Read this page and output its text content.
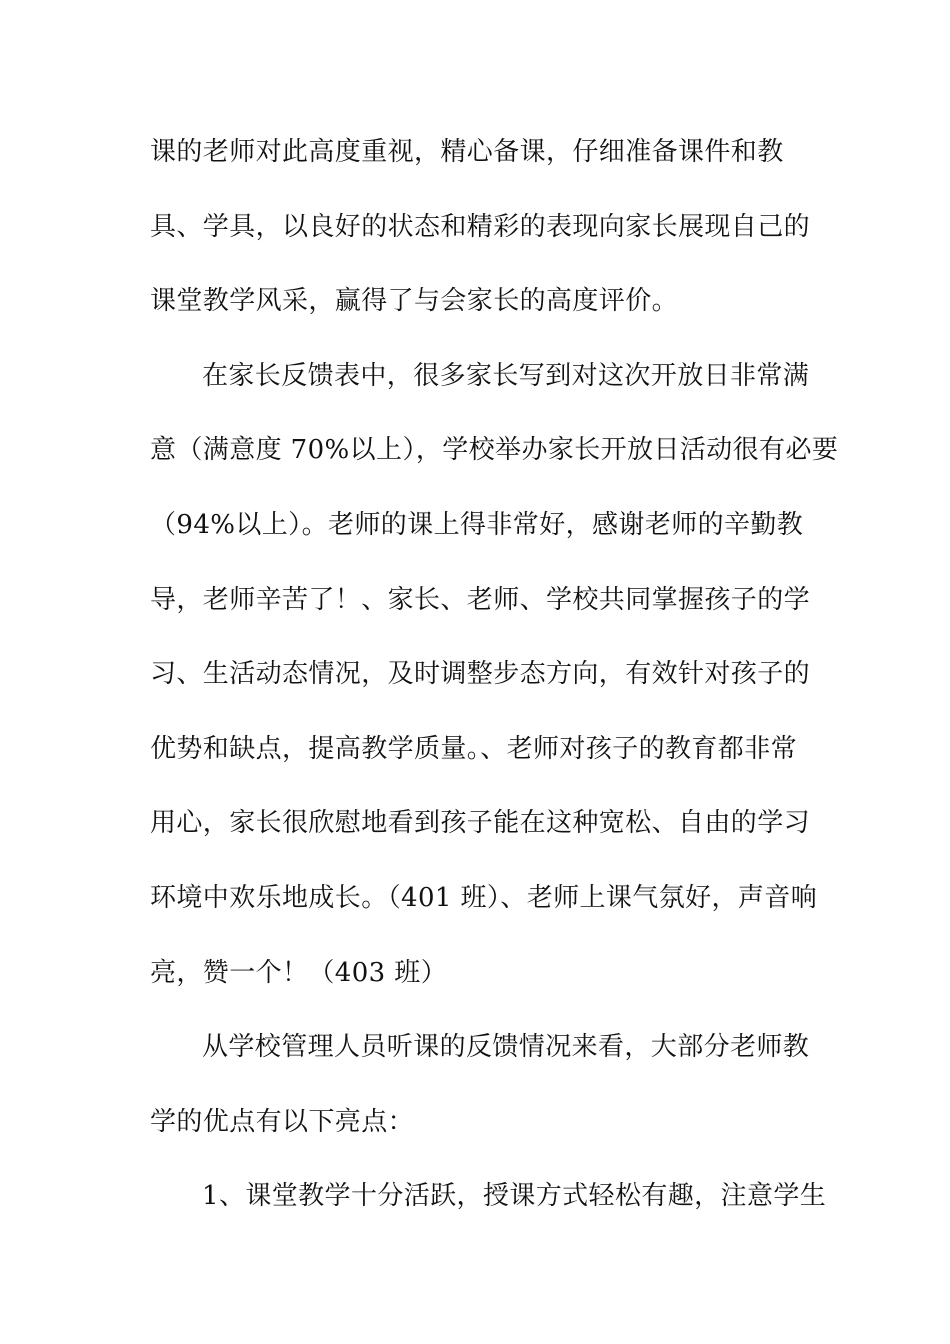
课的老师对此高度重视，精心备课，仔细准备课件和教
具、学具，以良好的状态和精彩的表现向家长展现自己的
课堂教学风采，赢得了与会家长的高度评价。
在家长反馈表中，很多家长写到对这次开放日非常满
意（满意度 70%以上），学校举办家长开放日活动很有必要
（94%以上）。老师的课上得非常好，感谢老师的辛勤教
导，老师辛苦了！、家长、老师、学校共同掌握孩子的学
习、生活动态情况，及时调整步态方向，有效针对孩子的
优势和缺点，提高教学质量。、老师对孩子的教育都非常
用心，家长很欣慰地看到孩子能在这种宽松、自由的学习
环境中欢乐地成长。（401 班）、老师上课气氛好，声音响
亮，赞一个！（403 班）
从学校管理人员听课的反馈情况来看，大部分老师教
学的优点有以下亮点：
1、课堂教学十分活跃，授课方式轻松有趣，注意学生
